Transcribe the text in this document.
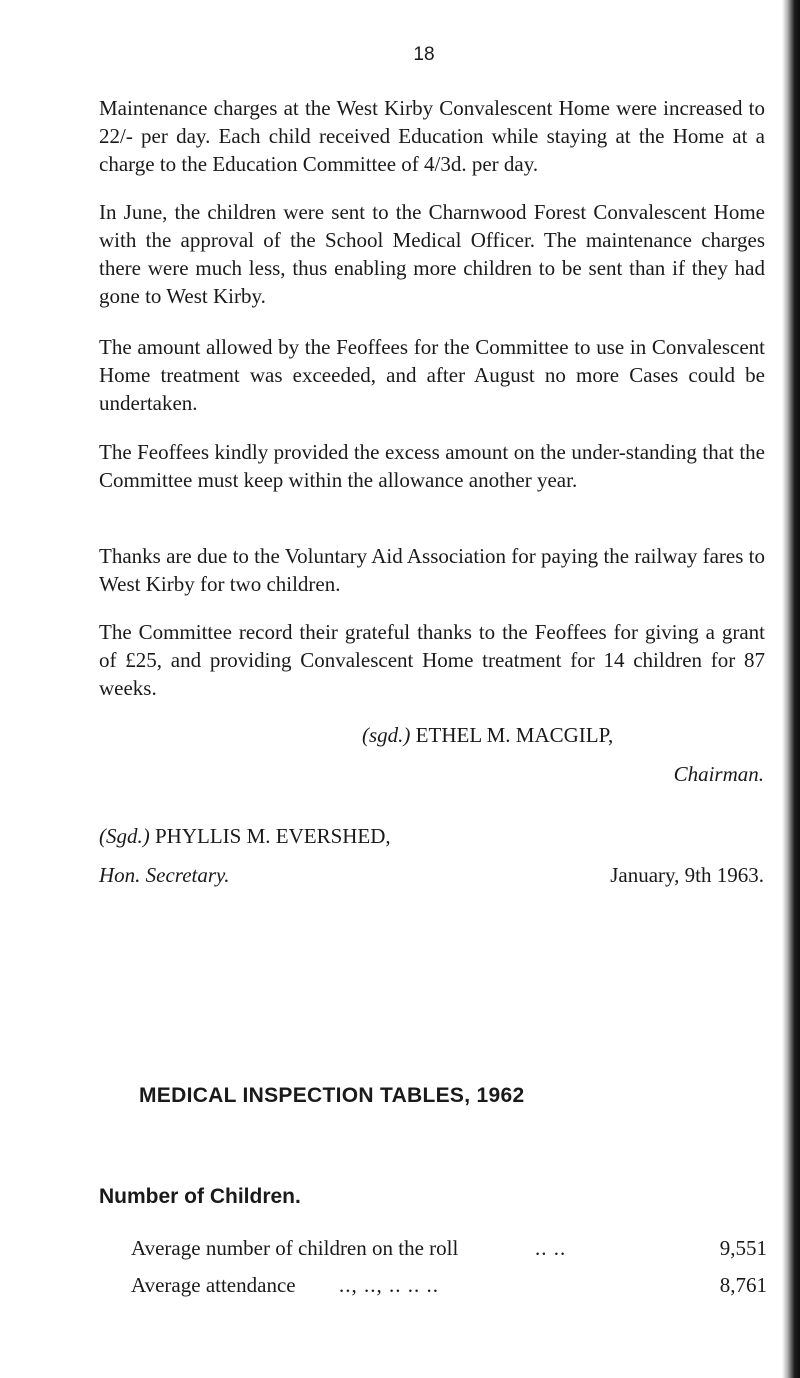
18

Maintenance charges at the West Kirby Convalescent Home were increased to 22/- per day. Each child received Education while staying at the Home at a charge to the Education Committee of 4/3d. per day.

In June, the children were sent to the Charnwood Forest Convalescent Home with the approval of the School Medical Officer. The maintenance charges there were much less, thus enabling more children to be sent than if they had gone to West Kirby.

The amount allowed by the Feoffees for the Committee to use in Convalescent Home treatment was exceeded, and after August no more Cases could be undertaken.

The Feoffees kindly provided the excess amount on the under-standing that the Committee must keep within the allowance another year.

Thanks are due to the Voluntary Aid Association for paying the railway fares to West Kirby for two children.

The Committee record their grateful thanks to the Feoffees for giving a grant of £25, and providing Convalescent Home treatment for 14 children for 87 weeks.

(sgd.) ETHEL M. MACGILP,
Chairman.
(Sgd.) PHYLLIS M. EVERSHED,
Hon. Secretary.	January, 9th 1963.
MEDICAL INSPECTION TABLES, 1962
Number of Children.
Average number of children on the roll	.. ..	9,551
Average attendance .., .., .. .. ..	8,761
